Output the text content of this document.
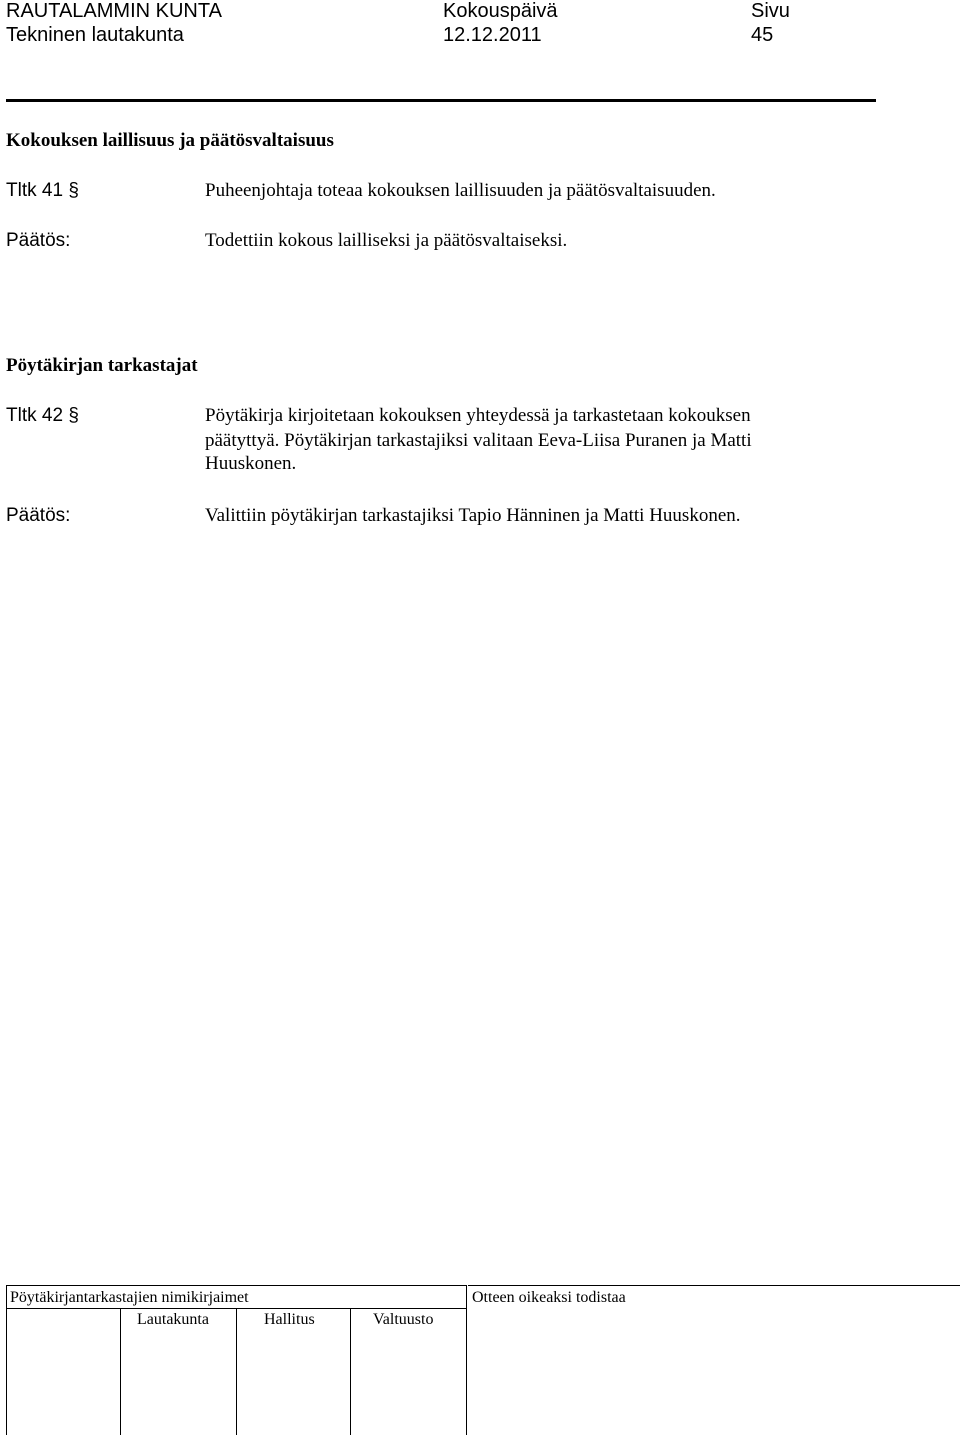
RAUTALAMMIN KUNTA
Tekninen lautakunta
Kokouspäivä
12.12.2011
Sivu
45
Kokouksen laillisuus ja päätösvaltaisuus
Tltk 41 §	Puheenjohtaja toteaa kokouksen laillisuuden ja päätösvaltaisuuden.
Päätös:	Todettiin kokous lailliseksi ja päätösvaltaiseksi.
Pöytäkirjan tarkastajat
Tltk 42 §	Pöytäkirja kirjoitetaan kokouksen yhteydessä ja tarkastetaan kokouksen
päätyttyä. Pöytäkirjan tarkastajiksi valitaan Eeva-Liisa Puranen ja Matti
Huuskonen.
Päätös:	Valittiin pöytäkirjan tarkastajiksi Tapio Hänninen ja Matti Huuskonen.
Pöytäkirjantarkastajien nimikirjaimet
Lautakunta	Hallitus	Valtuusto
Otteen oikeaksi todistaa
